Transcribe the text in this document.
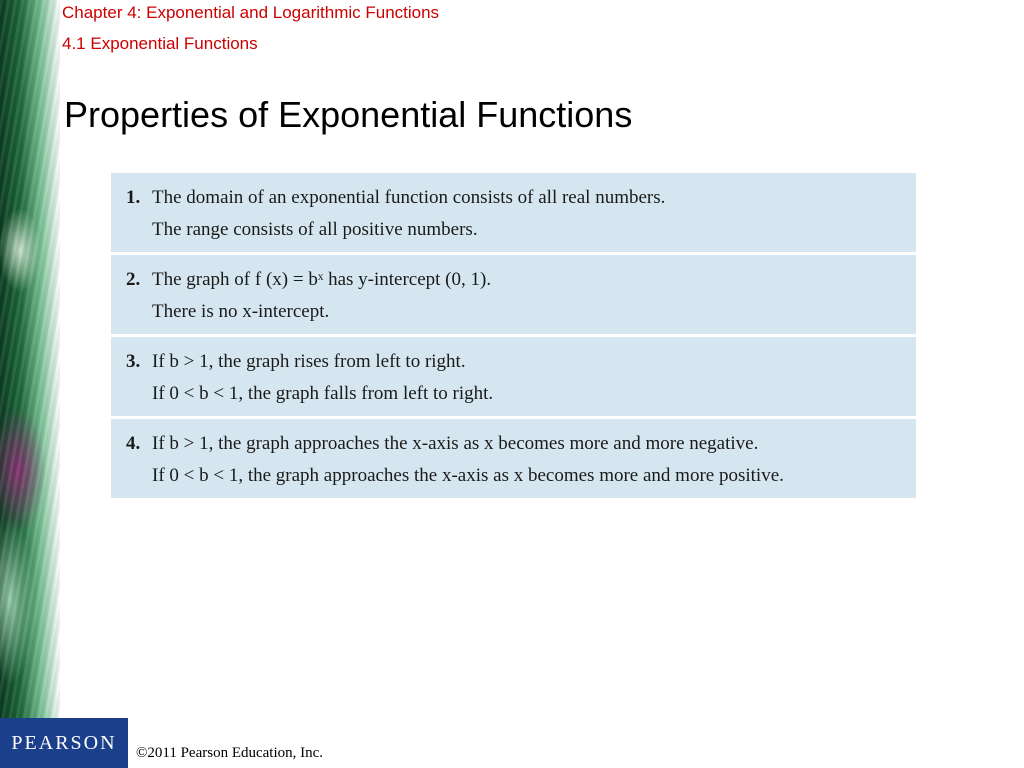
Chapter 4: Exponential and Logarithmic Functions
4.1 Exponential Functions
Properties of Exponential Functions
1. The domain of an exponential function consists of all real numbers.
The range consists of all positive numbers.
2. The graph of f (x) = bˣ has y-intercept (0, 1).
There is no x-intercept.
3. If b > 1, the graph rises from left to right.
If 0 < b < 1, the graph falls from left to right.
4. If b > 1, the graph approaches the x-axis as x becomes more and more negative.
If 0 < b < 1, the graph approaches the x-axis as x becomes more and more positive.
PEARSON	©2011 Pearson Education, Inc.
